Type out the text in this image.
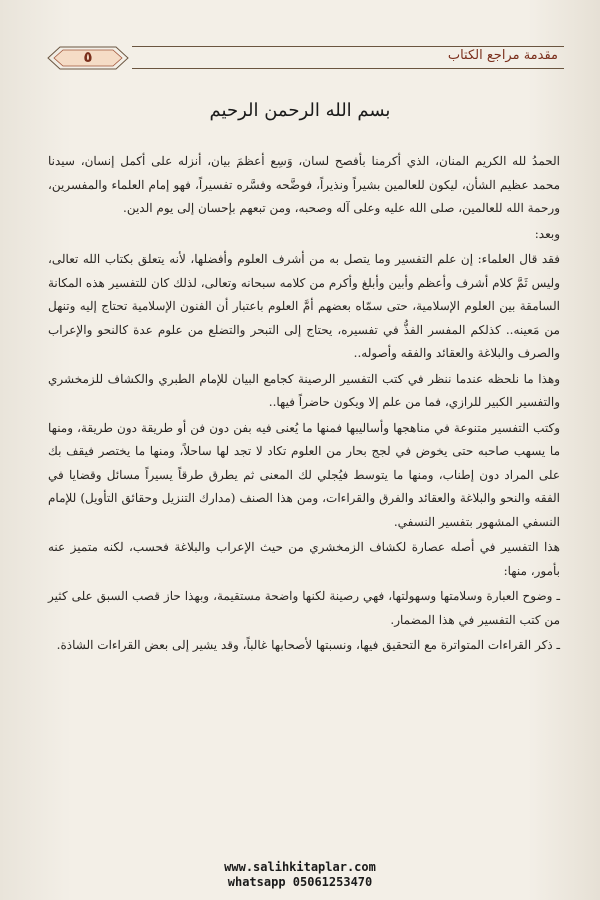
مقدمة مراجع الكتاب
٥
بسم الله الرحمن الرحيم

الحمدُ لله الكريم المنان، الذي أكرمنا بأفصح لسان، وَسِع أعظمَ بيان، أنزله على أكمل إنسان، سيدنا محمد عظيم الشأن، ليكون للعالمين بشيراً ونذيراً، فوضَّحه وفسَّره تفسيراً، فهو إمام العلماء والمفسرين، ورحمة الله للعالمين، صلى الله عليه وعلى آله وصحبه، ومن تبعهم بإحسان إلى يوم الدين.

وبعد:

فقد قال العلماء: إن علم التفسير وما يتصل به من أشرف العلوم وأفضلها، لأنه يتعلق بكتاب الله تعالى، وليس ثَمَّ كلام أشرف وأعظم وأبين وأبلغ وأكرم من كلامه سبحانه وتعالى، لذلك كان للتفسير هذه المكانة السامقة بين العلوم الإسلامية، حتى سمّاه بعضهم أمَّ العلوم باعتبار أن الفنون الإسلامية تحتاج إليه وتنهل من مَعينه.. كذلكم المفسر الفذُّ في تفسيره، يحتاج إلى التبحر والتضلع من علوم عدة كالنحو والإعراب والصرف والبلاغة والعقائد والفقه وأصوله..

وهذا ما نلحظه عندما ننظر في كتب التفسير الرصينة كجامع البيان للإمام الطبري والكشاف للزمخشري والتفسير الكبير للرازي، فما من علم إلا ويكون حاضراً فيها..

وكتب التفسير متنوعة في مناهجها وأساليبها فمنها ما يُعنى فيه بفن دون فن أو طريقة دون طريقة، ومنها ما يسهب صاحبه حتى يخوض في لجج بحار من العلوم تكاد لا تجد لها ساحلاً، ومنها ما يختصر فيقف بك على المراد دون إطناب، ومنها ما يتوسط فيُجلي لك المعنى ثم يطرق طرقاً يسيراً مسائل وقضايا في الفقه والنحو والبلاغة والعقائد والفرق والقراءات، ومن هذا الصنف (مدارك التنزيل وحقائق التأويل) للإمام النسفي المشهور بتفسير النسفي.

هذا التفسير في أصله عصارة لكشاف الزمخشري من حيث الإعراب والبلاغة فحسب، لكنه متميز عنه بأمور، منها:

ـ وضوح العبارة وسلامتها وسهولتها، فهي رصينة لكنها واضحة مستقيمة، وبهذا حاز قصب السبق على كثير من كتب التفسير في هذا المضمار.

ـ ذكر القراءات المتواترة مع التحقيق فيها، ونسبتها لأصحابها غالباً، وقد يشير إلى بعض القراءات الشاذة.

www.salihkitaplar.com
whatsapp 05061253470
